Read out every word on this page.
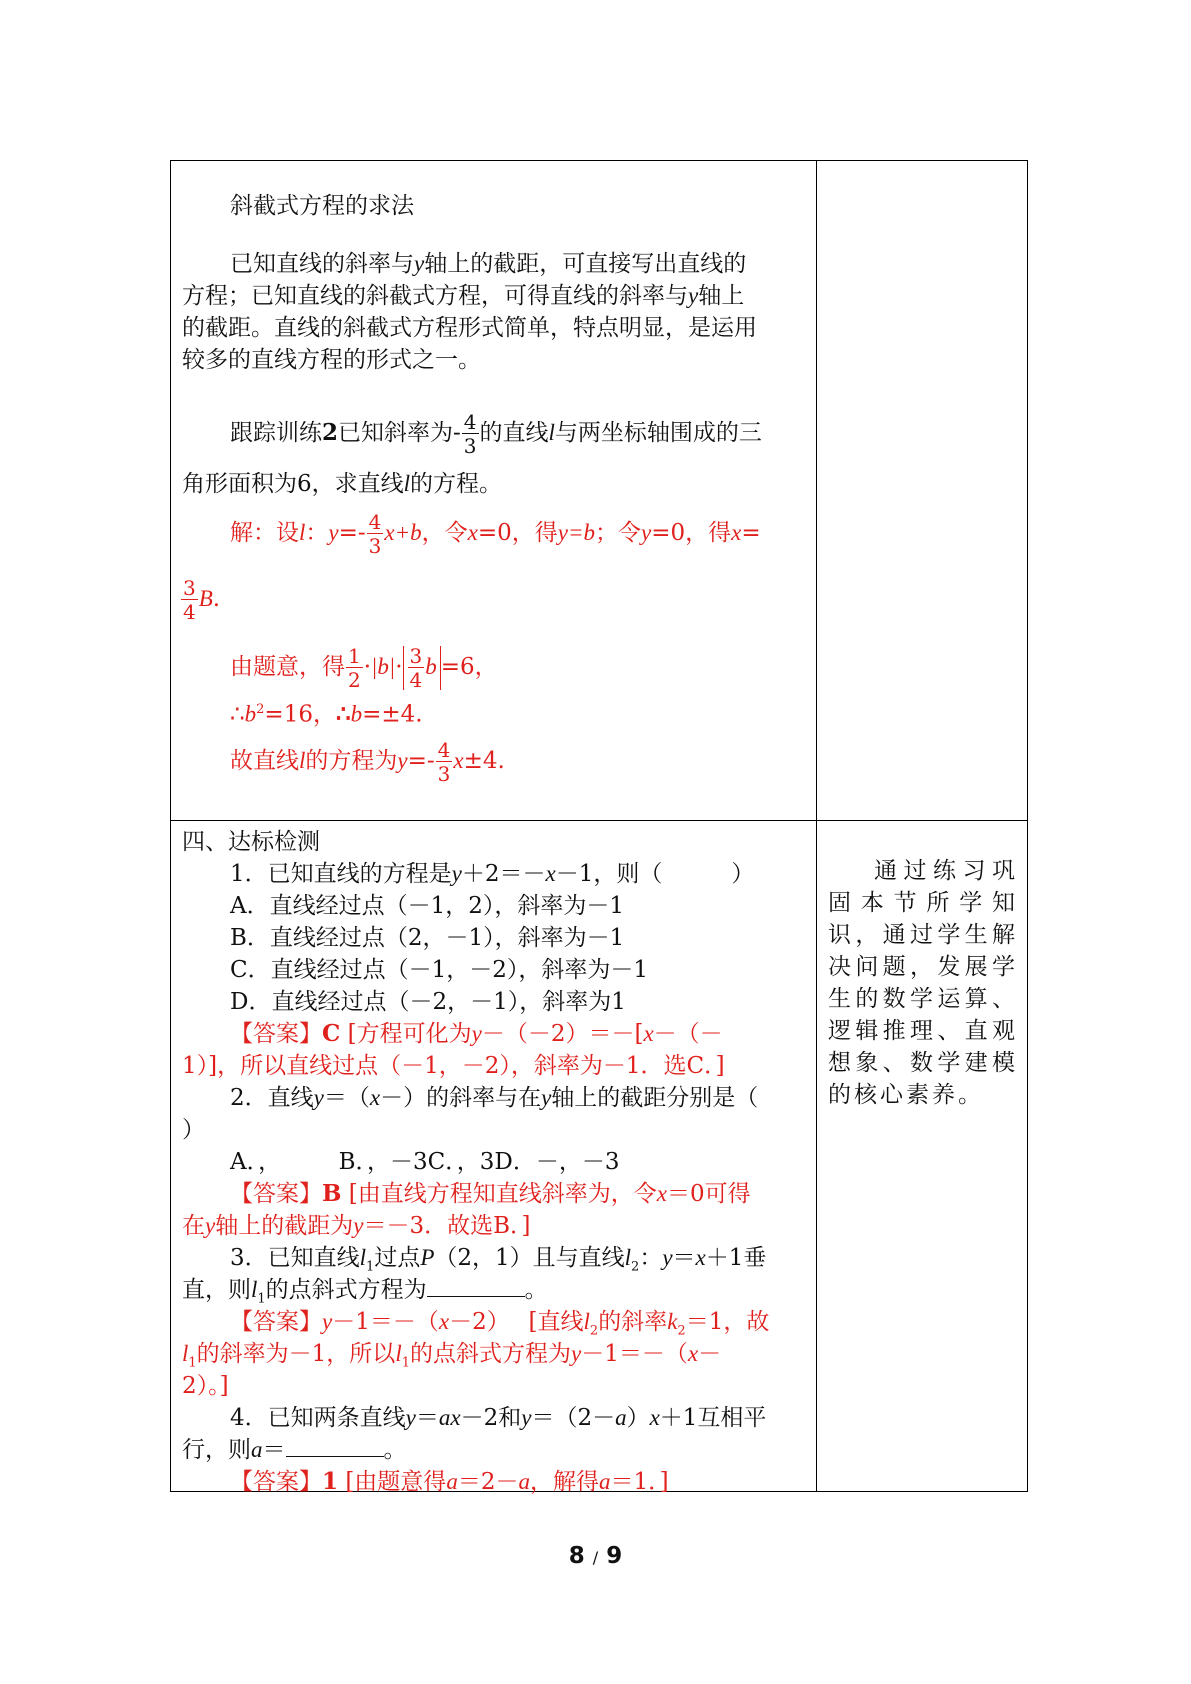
斜截式方程的求法
已知直线的斜率与y轴上的截距，可直接写出直线的
方程；已知直线的斜截式方程，可得直线的斜率与y轴上
的截距。直线的斜截式方程形式简单，特点明显，是运用
较多的直线方程的形式之一。
跟踪训练2已知斜率为- $\frac{4}{3}$ 的直线l与两坐标轴围成的三
角形面积为6，求直线l的方程。
解：设l：$y=- \frac{4}{3} x+b$，令x=0，得y=b；令y=0，得x=
$\frac{3}{4} B$.
由题意，得 $\frac{1}{2} \cdot|b|\cdot \frac{3}{4}$ b =6，
$\therefore b^2=16$，∴b=±4.
故直线l的方程为$y=- \frac{4}{3} x\pm 4$.
四、达标检测
1．已知直线的方程是y＋2＝－x－1，则（　　　）
A．直线经过点（－1，2），斜率为－1
B．直线经过点（2，－1），斜率为－1
C．直线经过点（－1，－2），斜率为－1
D．直线经过点（－2，－1），斜率为1
【答案】C [方程可化为y－（－2）＝－[x－（－
1）]，所以直线过点（－1，－2），斜率为－1．选C．]
2．直线y＝（x－）的斜率与在y轴上的截距分别是（
）
A．，　　　B．，－3C．，3D．－，－3
【答案】B [由直线方程知直线斜率为，令x＝0可得
在y轴上的截距为y＝－3．故选B．]
3．已知直线$l_1$过点P（2，1）且与直线$l_2$：y＝x＋1垂
直，则$l_1$的点斜式方程为	。
【答案】y－1＝－（x－2）　 [直线$l_2$的斜率$k_2=1$，故
$l_1$的斜率为－1，所以$l_1$的点斜式方程为y－1＝－（x－
2）。]
4．已知两条直线y＝ax－2和y＝（2－a）x＋1互相平
行，则a＝	。
【答案】1 [由题意得a＝2－a，解得a＝1．]
通过练习巩
固本节所学知
识，通过学生解
决问题，发展学
生的数学运算、
逻辑推理、直观
想象、数学建模
的核心素养。
8 / 9
